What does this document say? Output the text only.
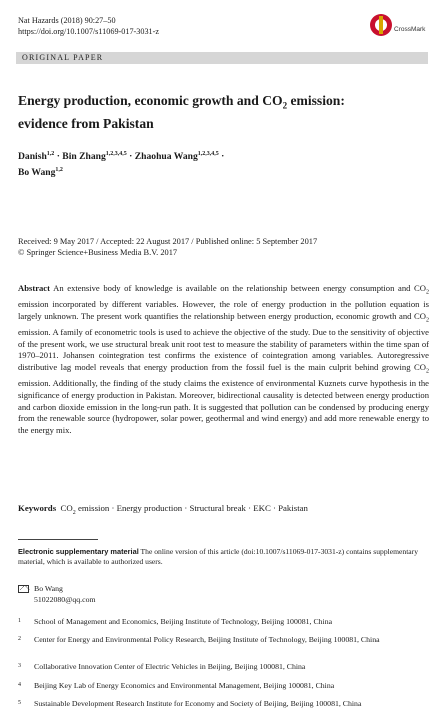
Nat Hazards (2018) 90:27–50
https://doi.org/10.1007/s11069-017-3031-z	CrossMark
ORIGINAL PAPER
Energy production, economic growth and $CO_2$ emission:
evidence from Pakistan
Danish$^{1,2}$ · Bin Zhang$^{1,2,3,4,5}$ · Zhaohua Wang$^{1,2,3,4,5}$ ·
Bo Wang$^{1,2}$
Received: 9 May 2017 / Accepted: 22 August 2017 / Published online: 5 September 2017
© Springer Science+Business Media B.V. 2017
Abstract An extensive body of knowledge is available on the relationship between energy consumption and $CO_2$ emission incorporated by different variables. However, the role of energy production in the pollution equation is largely unknown. The present work quantifies the relationship between energy production, economic growth and $CO_2$ emission. A family of econometric tools is used to achieve the objective of the study. Due to the sensitivity of objective of the present work, we use structural break unit root test to measure the stability of parameters within the time span of 1970–2011. Johansen cointegration test confirms the existence of cointegration among variables. Autoregressive distributive lag model reveals that energy production from the fossil fuel is the main culprit behind growing $CO_2$ emission. Additionally, the finding of the study claims the existence of environmental Kuznets curve hypothesis in the significance of energy production in Pakistan. Moreover, bidirectional causality is detected between energy production and carbon dioxide emission in the long-run path. It is suggested that pollution can be condensed by producing energy from the renewable source (hydropower, solar power, geothermal and wind energy) and add more renewable energy to the energy mix.
Keywords $CO_2$ emission · Energy production · Structural break · EKC · Pakistan
Electronic supplementary material The online version of this article (doi:10.1007/s11069-017-3031-z) contains supplementary material, which is available to authorized users.
Bo Wang
51022080@qq.com
1 School of Management and Economics, Beijing Institute of Technology, Beijing 100081, China
2 Center for Energy and Environmental Policy Research, Beijing Institute of Technology, Beijing 100081, China
3 Collaborative Innovation Center of Electric Vehicles in Beijing, Beijing 100081, China
4 Beijing Key Lab of Energy Economics and Environmental Management, Beijing 100081, China
5 Sustainable Development Research Institute for Economy and Society of Beijing, Beijing 100081, China
